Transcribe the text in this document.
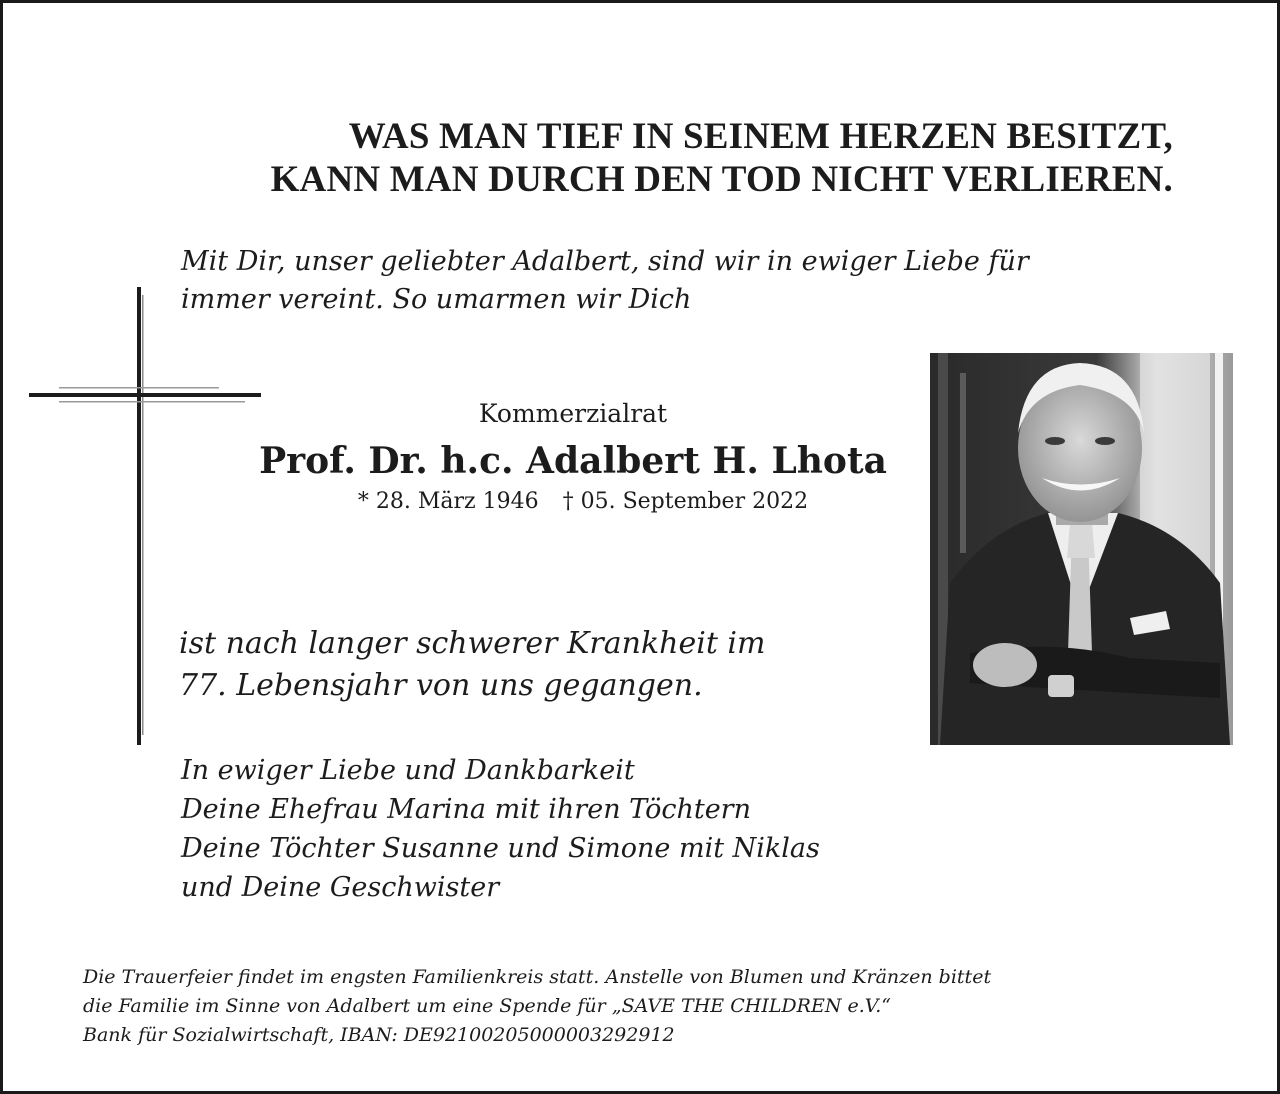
WAS MAN TIEF IN SEINEM HERZEN BESITZT,
KANN MAN DURCH DEN TOD NICHT VERLIEREN.
Mit Dir, unser geliebter Adalbert, sind wir in ewiger Liebe für
immer vereint. So umarmen wir Dich
Kommerzialrat
Prof. Dr. h.c. Adalbert H. Lhota
* 28. März 1946 † 05. September 2022
ist nach langer schwerer Krankheit im
77. Lebensjahr von uns gegangen.
In ewiger Liebe und Dankbarkeit
Deine Ehefrau Marina mit ihren Töchtern
Deine Töchter Susanne und Simone mit Niklas
und Deine Geschwister
Die Trauerfeier findet im engsten Familienkreis statt. Anstelle von Blumen und Kränzen bittet
die Familie im Sinne von Adalbert um eine Spende für „SAVE THE CHILDREN e.V.“
Bank für Sozialwirtschaft, IBAN: DE92100205000003292912
